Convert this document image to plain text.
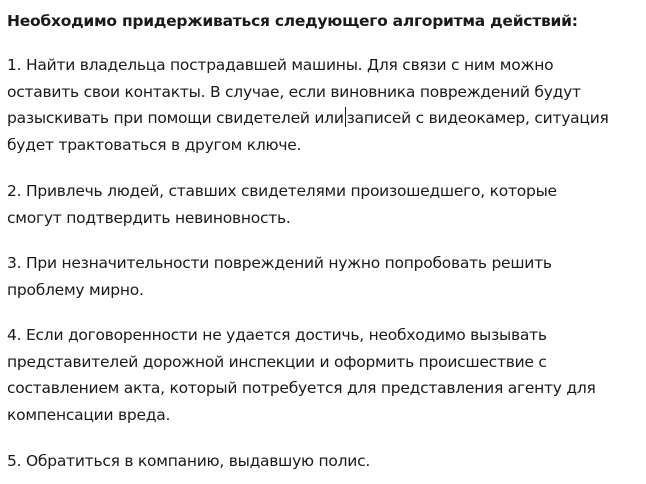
Необходимо придерживаться следующего алгоритма действий:

1. Найти владельца пострадавшей машины. Для связи с ним можно
оставить свои контакты. В случае, если виновника повреждений будут
разыскивать при помощи свидетелей или записей с видеокамер, ситуация
будет трактоваться в другом ключе.

2. Привлечь людей, ставших свидетелями произошедшего, которые
смогут подтвердить невиновность.

3. При незначительности повреждений нужно попробовать решить
проблему мирно.

4. Если договоренности не удается достичь, необходимо вызывать
представителей дорожной инспекции и оформить происшествие с
составлением акта, который потребуется для представления агенту для
компенсации вреда.

5. Обратиться в компанию, выдавшую полис.
